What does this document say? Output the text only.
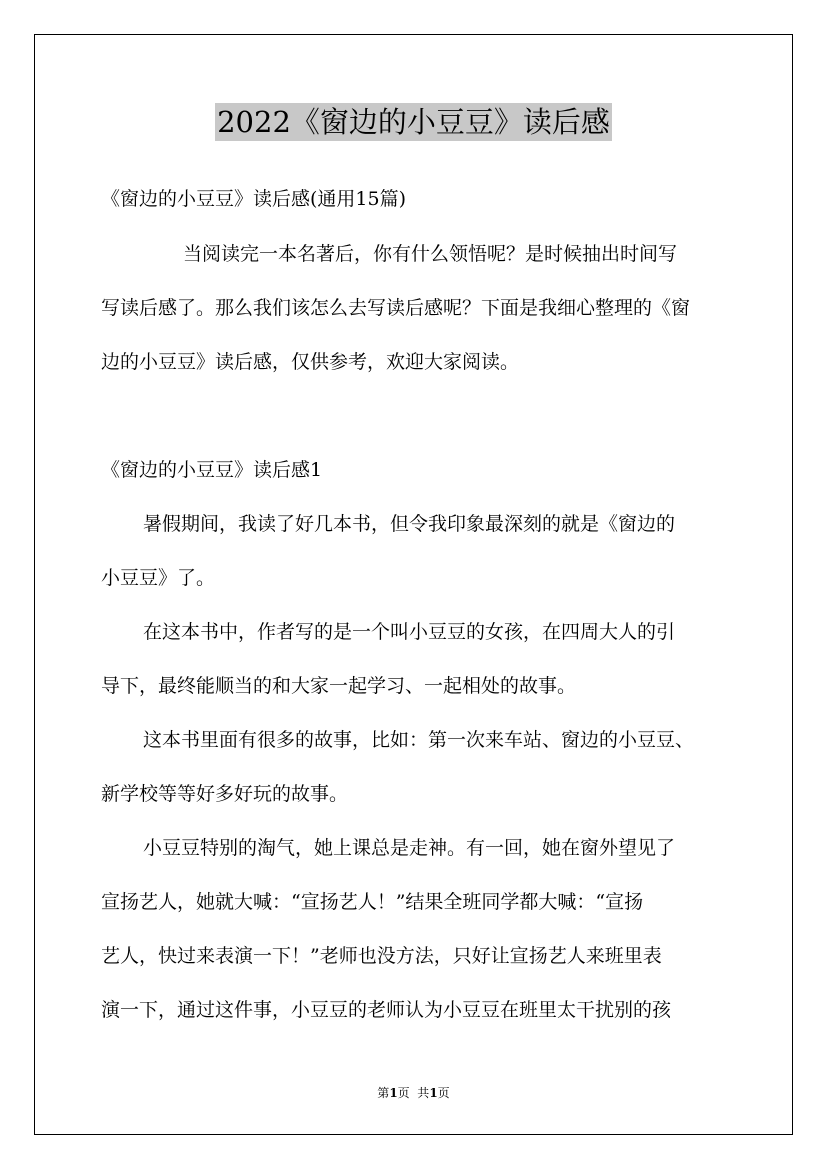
2022《窗边的小豆豆》读后感
《窗边的小豆豆》读后感(通用15篇)
当阅读完一本名著后，你有什么领悟呢？是时候抽出时间写
写读后感了。那么我们该怎么去写读后感呢？下面是我细心整理的《窗
边的小豆豆》读后感，仅供参考，欢迎大家阅读。
《窗边的小豆豆》读后感1
暑假期间，我读了好几本书，但令我印象最深刻的就是《窗边的
小豆豆》了。
在这本书中，作者写的是一个叫小豆豆的女孩，在四周大人的引
导下，最终能顺当的和大家一起学习、一起相处的故事。
这本书里面有很多的故事，比如：第一次来车站、窗边的小豆豆、
新学校等等好多好玩的故事。
小豆豆特别的淘气，她上课总是走神。有一回，她在窗外望见了
宣扬艺人，她就大喊：“宣扬艺人！”结果全班同学都大喊：“宣扬
艺人，快过来表演一下！”老师也没方法，只好让宣扬艺人来班里表
演一下，通过这件事，小豆豆的老师认为小豆豆在班里太干扰别的孩
第1页  共1页
